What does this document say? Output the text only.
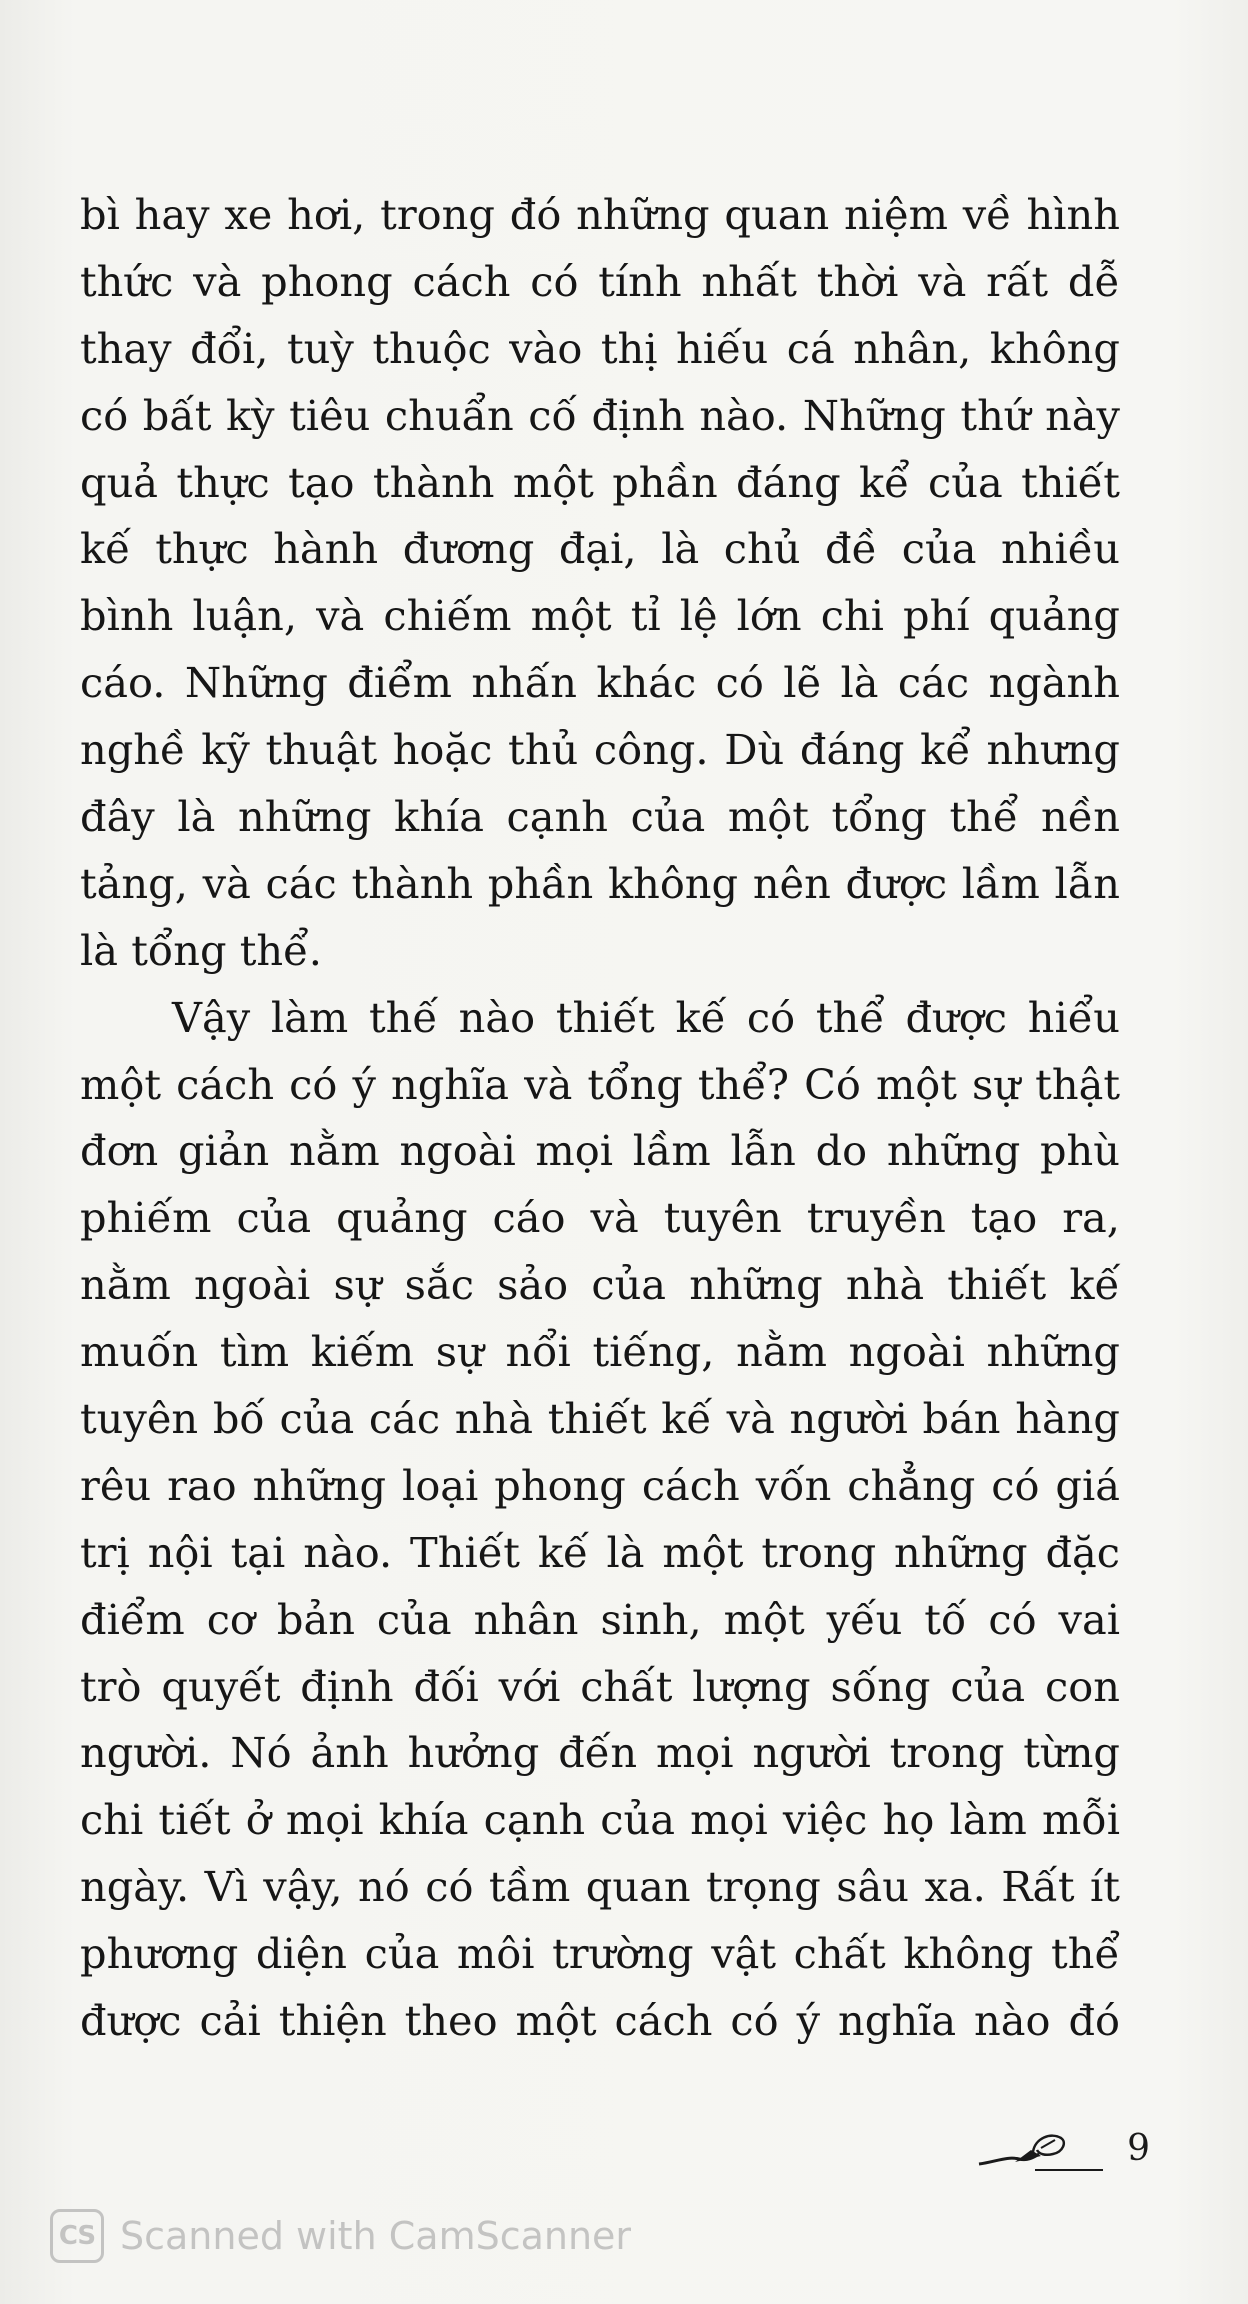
bì hay xe hơi, trong đó những quan niệm về hình
thức và phong cách có tính nhất thời và rất dễ
thay đổi, tuỳ thuộc vào thị hiếu cá nhân, không
có bất kỳ tiêu chuẩn cố định nào. Những thứ này
quả thực tạo thành một phần đáng kể của thiết
kế thực hành đương đại, là chủ đề của nhiều
bình luận, và chiếm một tỉ lệ lớn chi phí quảng
cáo. Những điểm nhấn khác có lẽ là các ngành
nghề kỹ thuật hoặc thủ công. Dù đáng kể nhưng
đây là những khía cạnh của một tổng thể nền
tảng, và các thành phần không nên được lầm lẫn
là tổng thể.
Vậy làm thế nào thiết kế có thể được hiểu
một cách có ý nghĩa và tổng thể? Có một sự thật
đơn giản nằm ngoài mọi lầm lẫn do những phù
phiếm của quảng cáo và tuyên truyền tạo ra,
nằm ngoài sự sắc sảo của những nhà thiết kế
muốn tìm kiếm sự nổi tiếng, nằm ngoài những
tuyên bố của các nhà thiết kế và người bán hàng
rêu rao những loại phong cách vốn chẳng có giá
trị nội tại nào. Thiết kế là một trong những đặc
điểm cơ bản của nhân sinh, một yếu tố có vai
trò quyết định đối với chất lượng sống của con
người. Nó ảnh hưởng đến mọi người trong từng
chi tiết ở mọi khía cạnh của mọi việc họ làm mỗi
ngày. Vì vậy, nó có tầm quan trọng sâu xa. Rất ít
phương diện của môi trường vật chất không thể
được cải thiện theo một cách có ý nghĩa nào đó
9
CS Scanned with CamScanner
